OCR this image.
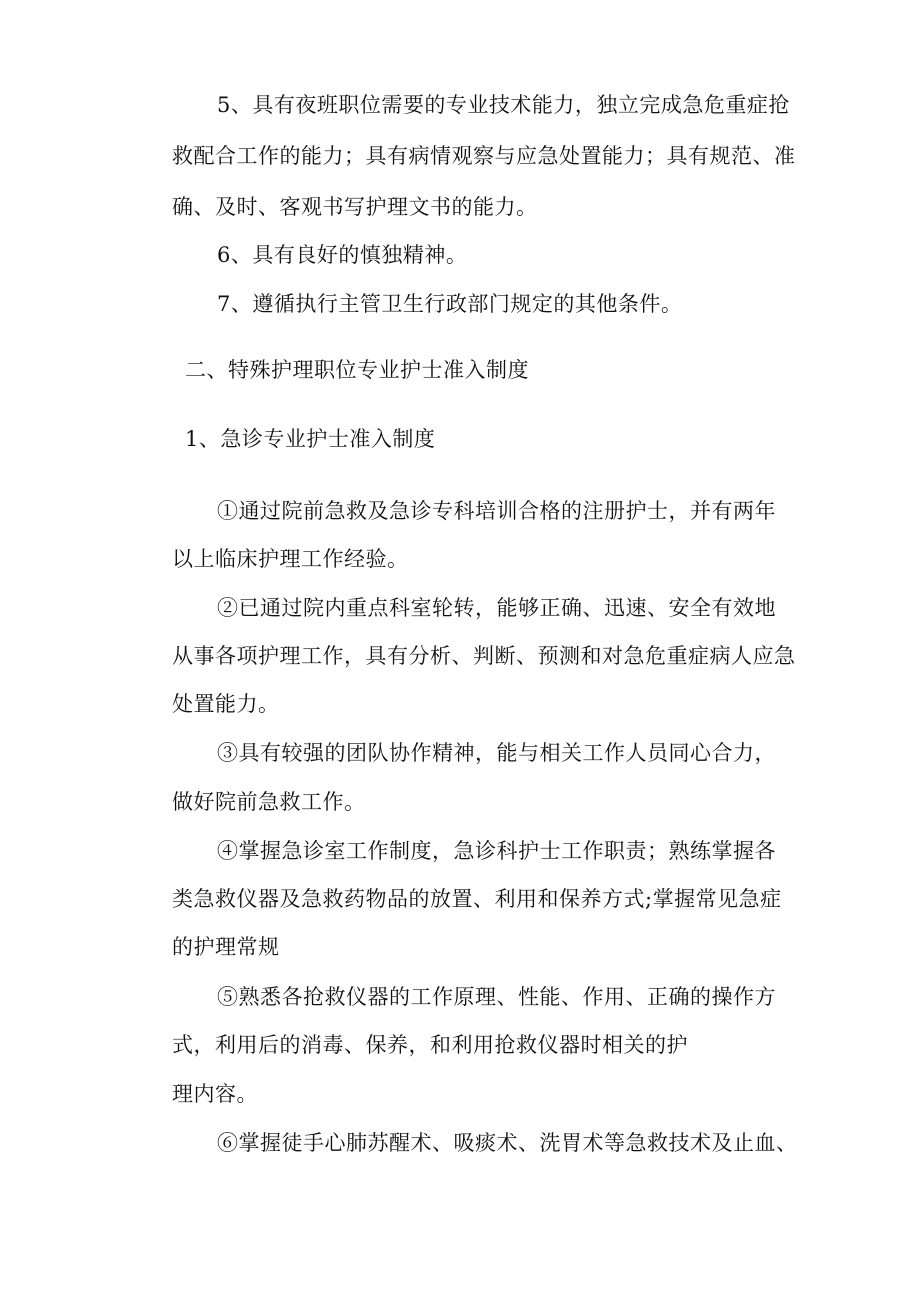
5、具有夜班职位需要的专业技术能力，独立完成急危重症抢
救配合工作的能力；具有病情观察与应急处置能力；具有规范、准
确、及时、客观书写护理文书的能力。
6、具有良好的慎独精神。
7、遵循执行主管卫生行政部门规定的其他条件。
二、特殊护理职位专业护士准入制度
1、急诊专业护士准入制度
①通过院前急救及急诊专科培训合格的注册护士，并有两年
以上临床护理工作经验。
②已通过院内重点科室轮转，能够正确、迅速、安全有效地
从事各项护理工作，具有分析、判断、预测和对急危重症病人应急
处置能力。
③具有较强的团队协作精神，能与相关工作人员同心合力，
做好院前急救工作。
④掌握急诊室工作制度，急诊科护士工作职责；熟练掌握各
类急救仪器及急救药物品的放置、利用和保养方式;掌握常见急症
的护理常规
⑤熟悉各抢救仪器的工作原理、性能、作用、正确的操作方
式，利用后的消毒、保养，和利用抢救仪器时相关的护
理内容。
⑥掌握徒手心肺苏醒术、吸痰术、洗胃术等急救技术及止血、
